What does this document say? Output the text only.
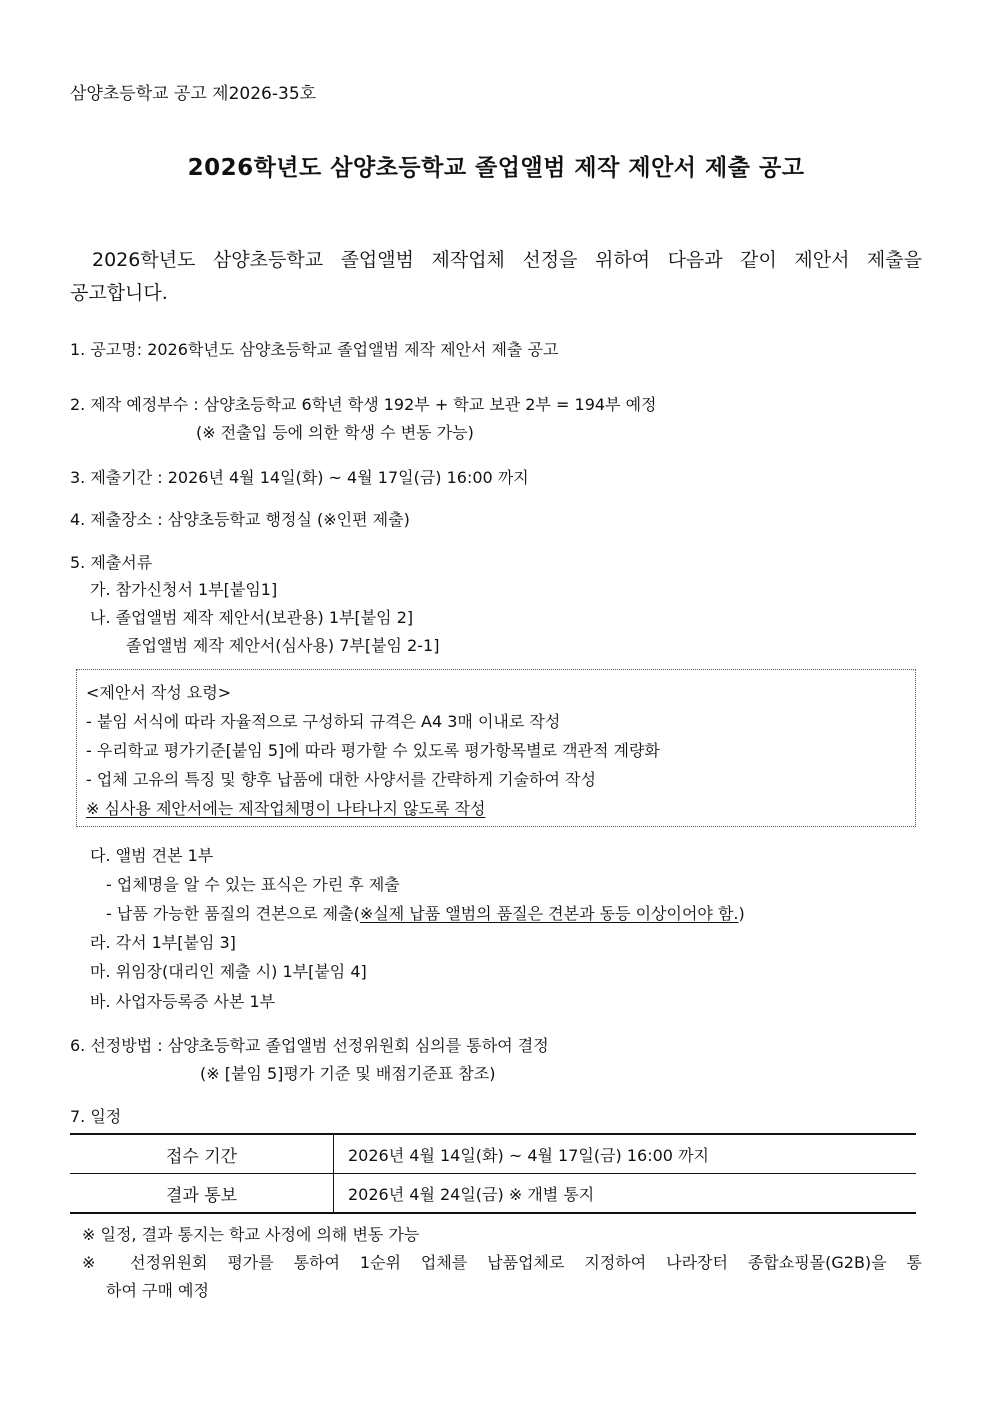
삼양초등학교 공고 제2026-35호
2026학년도 삼양초등학교 졸업앨범 제작 제안서 제출 공고
2026학년도 삼양초등학교 졸업앨범 제작업체 선정을 위하여 다음과 같이 제안서 제출을
공고합니다.
1. 공고명: 2026학년도 삼양초등학교 졸업앨범 제작 제안서 제출 공고
2. 제작 예정부수 : 삼양초등학교 6학년 학생 192부 + 학교 보관 2부 = 194부 예정
(※ 전출입 등에 의한 학생 수 변동 가능)
3. 제출기간 : 2026년 4월 14일(화) ~ 4월 17일(금) 16:00 까지
4. 제출장소 : 삼양초등학교 행정실 (※인편 제출)
5. 제출서류
가. 참가신청서 1부[붙임1]
나. 졸업앨범 제작 제안서(보관용) 1부[붙임 2]
졸업앨범 제작 제안서(심사용) 7부[붙임 2-1]
<제안서 작성 요령>
- 붙임 서식에 따라 자율적으로 구성하되 규격은 A4 3매 이내로 작성
- 우리학교 평가기준[붙임 5]에 따라 평가할 수 있도록 평가항목별로 객관적 계량화
- 업체 고유의 특징 및 향후 납품에 대한 사양서를 간략하게 기술하여 작성
※ 심사용 제안서에는 제작업체명이 나타나지 않도록 작성
다. 앨범 견본 1부
- 업체명을 알 수 있는 표식은 가린 후 제출
- 납품 가능한 품질의 견본으로 제출(※실제 납품 앨범의 품질은 견본과 동등 이상이어야 함.)
라. 각서 1부[붙임 3]
마. 위임장(대리인 제출 시) 1부[붙임 4]
바. 사업자등록증 사본 1부
6. 선정방법 : 삼양초등학교 졸업앨범 선정위원회 심의를 통하여 결정
(※ [붙임 5]평가 기준 및 배점기준표 참조)
7. 일정
접수 기간	2026년 4월 14일(화) ~ 4월 17일(금) 16:00 까지
결과 통보	2026년 4월 24일(금) ※ 개별 통지
※ 일정, 결과 통지는 학교 사정에 의해 변동 가능
※ 선정위원회 평가를 통하여 1순위 업체를 납품업체로 지정하여 나라장터 종합쇼핑몰(G2B)을 통
하여 구매 예정
